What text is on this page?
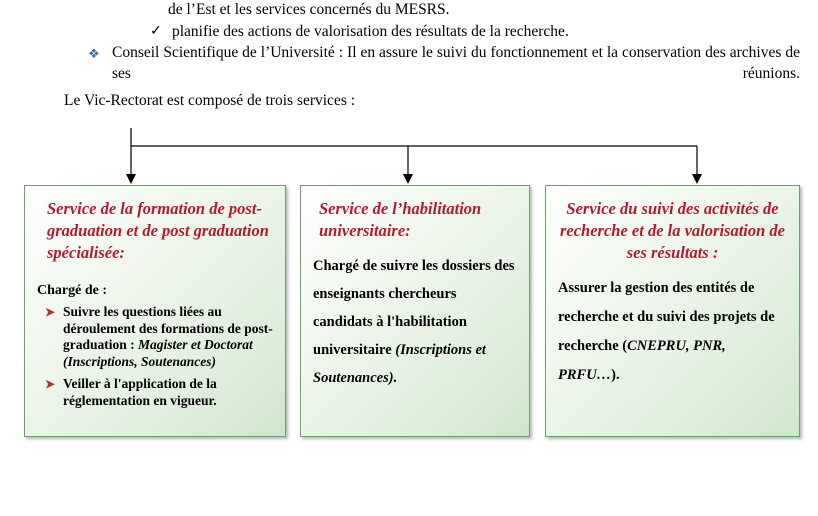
de l’Est et les services concernés du MESRS.
✓ planifie des actions de valorisation des résultats de la recherche.
❖ Conseil Scientifique de l’Université : Il en assure le suivi du fonctionnement et la conservation des archives de ses réunions.
Le Vic-Rectorat est composé de trois services :
Service de la formation de post-graduation et de post graduation spécialisée:
Chargé de :
➤ Suivre les questions liées au déroulement des formations de post-graduation : Magister et Doctorat (Inscriptions, Soutenances)
➤ Veiller à l'application de la réglementation en vigueur.
Service de l’habilitation universitaire:
Chargé de suivre les dossiers des enseignants chercheurs candidats à l'habilitation universitaire (Inscriptions et Soutenances).
Service du suivi des activités de recherche et de la valorisation de ses résultats :
Assurer la gestion des entités de recherche et du suivi des projets de recherche (CNEPRU, PNR, PRFU…).
